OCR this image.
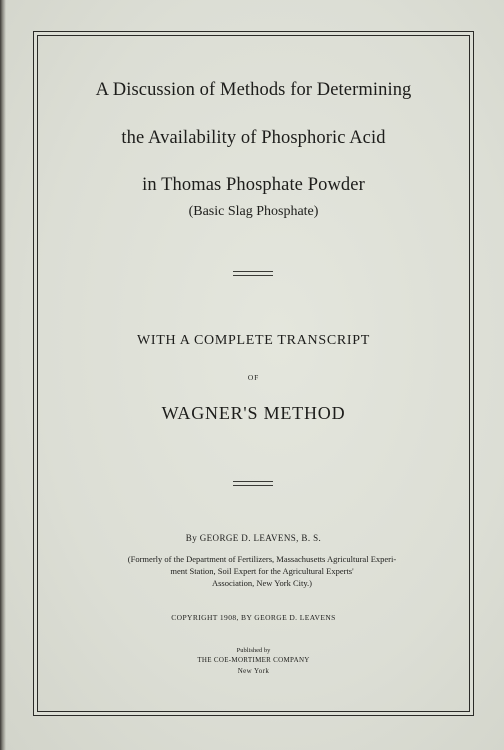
A Discussion of Methods for Determining
the Availability of Phosphoric Acid
in Thomas Phosphate Powder
(Basic Slag Phosphate)
WITH A COMPLETE TRANSCRIPT
OF
WAGNER'S METHOD
By GEORGE D. LEAVENS, B. S.
(Formerly of the Department of Fertilizers, Massachusetts Agricultural Experi-
ment Station, Soil Expert for the Agricultural Experts'
Association, New York City.)
COPYRIGHT 1908, BY GEORGE D. LEAVENS
Published by
THE COE-MORTIMER COMPANY
New York
